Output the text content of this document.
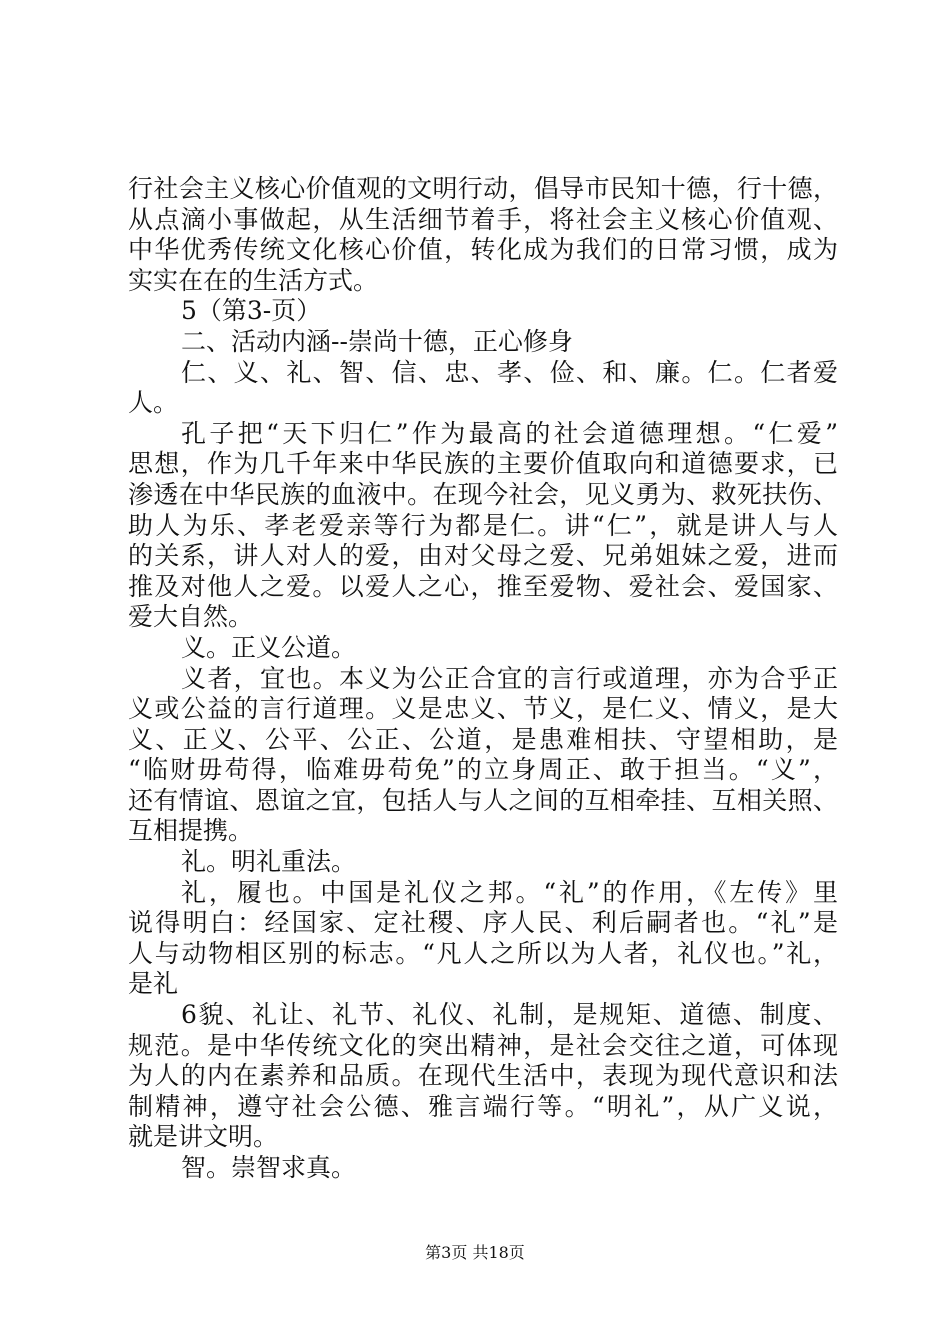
行社会主义核心价值观的文明行动，倡导市民知十德，行十德，
从点滴小事做起，从生活细节着手，将社会主义核心价值观、
中华优秀传统文化核心价值，转化成为我们的日常习惯，成为
实实在在的生活方式。
5（第3-页）
二、活动内涵--崇尚十德，正心修身
仁、义、礼、智、信、忠、孝、俭、和、廉。仁。仁者爱
人。
孔子把“天下归仁”作为最高的社会道德理想。“仁爱”
思想，作为几千年来中华民族的主要价值取向和道德要求，已
渗透在中华民族的血液中。在现今社会，见义勇为、救死扶伤、
助人为乐、孝老爱亲等行为都是仁。讲“仁”，就是讲人与人
的关系，讲人对人的爱，由对父母之爱、兄弟姐妹之爱，进而
推及对他人之爱。以爱人之心，推至爱物、爱社会、爱国家、
爱大自然。
义。正义公道。
义者，宜也。本义为公正合宜的言行或道理，亦为合乎正
义或公益的言行道理。义是忠义、节义，是仁义、情义，是大
义、正义、公平、公正、公道，是患难相扶、守望相助，是
“临财毋苟得，临难毋苟免”的立身周正、敢于担当。“义”，
还有情谊、恩谊之宜，包括人与人之间的互相牵挂、互相关照、
互相提携。
礼。明礼重法。
礼，履也。中国是礼仪之邦。“礼”的作用，《左传》里
说得明白：经国家、定社稷、序人民、利后嗣者也。“礼”是
人与动物相区别的标志。“凡人之所以为人者，礼仪也。”礼，
是礼
6貌、礼让、礼节、礼仪、礼制，是规矩、道德、制度、
规范。是中华传统文化的突出精神，是社会交往之道，可体现
为人的内在素养和品质。在现代生活中，表现为现代意识和法
制精神，遵守社会公德、雅言端行等。“明礼”，从广义说，
就是讲文明。
智。崇智求真。
第3页 共18页
